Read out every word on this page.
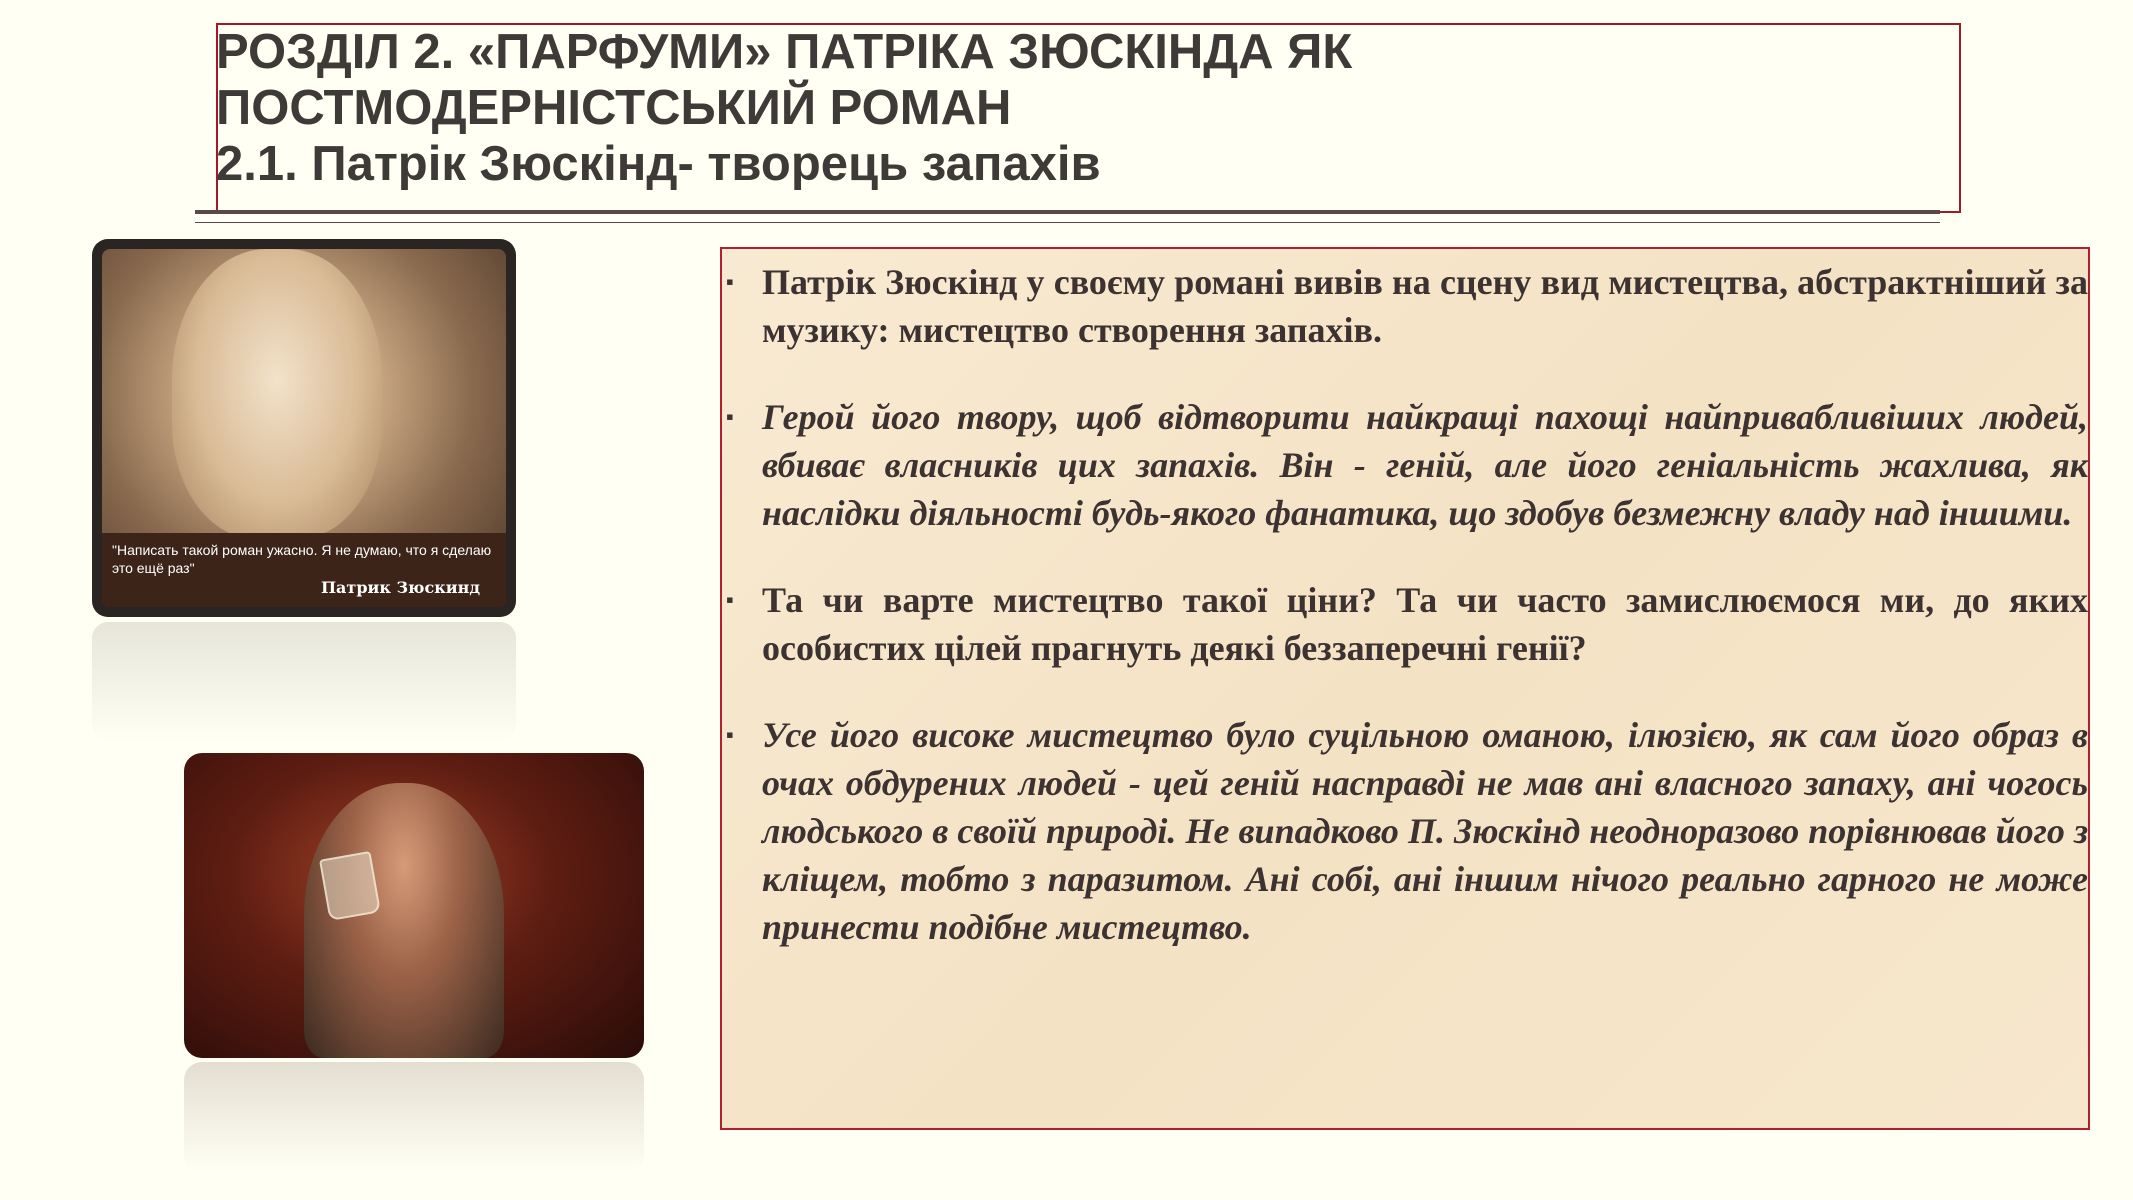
РОЗДІЛ 2. «ПАРФУМИ» ПАТРІКА ЗЮСКІНДА ЯК
ПОСТМОДЕРНІСТСЬКИЙ РОМАН
2.1. Патрік Зюскінд- творець запахів
"Написать такой роман ужасно. Я не думаю, что я сделаю это ещё раз"
Патрик Зюскинд
▪ Патрік Зюскінд у своєму романі вивів на сцену вид мистецтва, абстрактніший за музику: мистецтво створення запахів.
▪ Герой його твору, щоб відтворити найкращі пахощі найпривабливіших людей, вбиває власників цих запахів. Він - геній, але його геніальність жахлива, як наслідки діяльності будь-якого фанатика, що здобув безмежну владу над іншими.
▪ Та чи варте мистецтво такої ціни? Та чи часто замислюємося ми, до яких особистих цілей прагнуть деякі беззаперечні генії?
▪ Усе його високе мистецтво було суцільною оманою, ілюзією, як сам його образ в очах обдурених людей - цей геній насправді не мав ані власного запаху, ані чогось людського в своїй природі. Не випадково П. Зюскінд неодноразово порівнював його з кліщем, тобто з паразитом. Ані собі, ані іншим нічого реально гарного не може принести подібне мистецтво.
